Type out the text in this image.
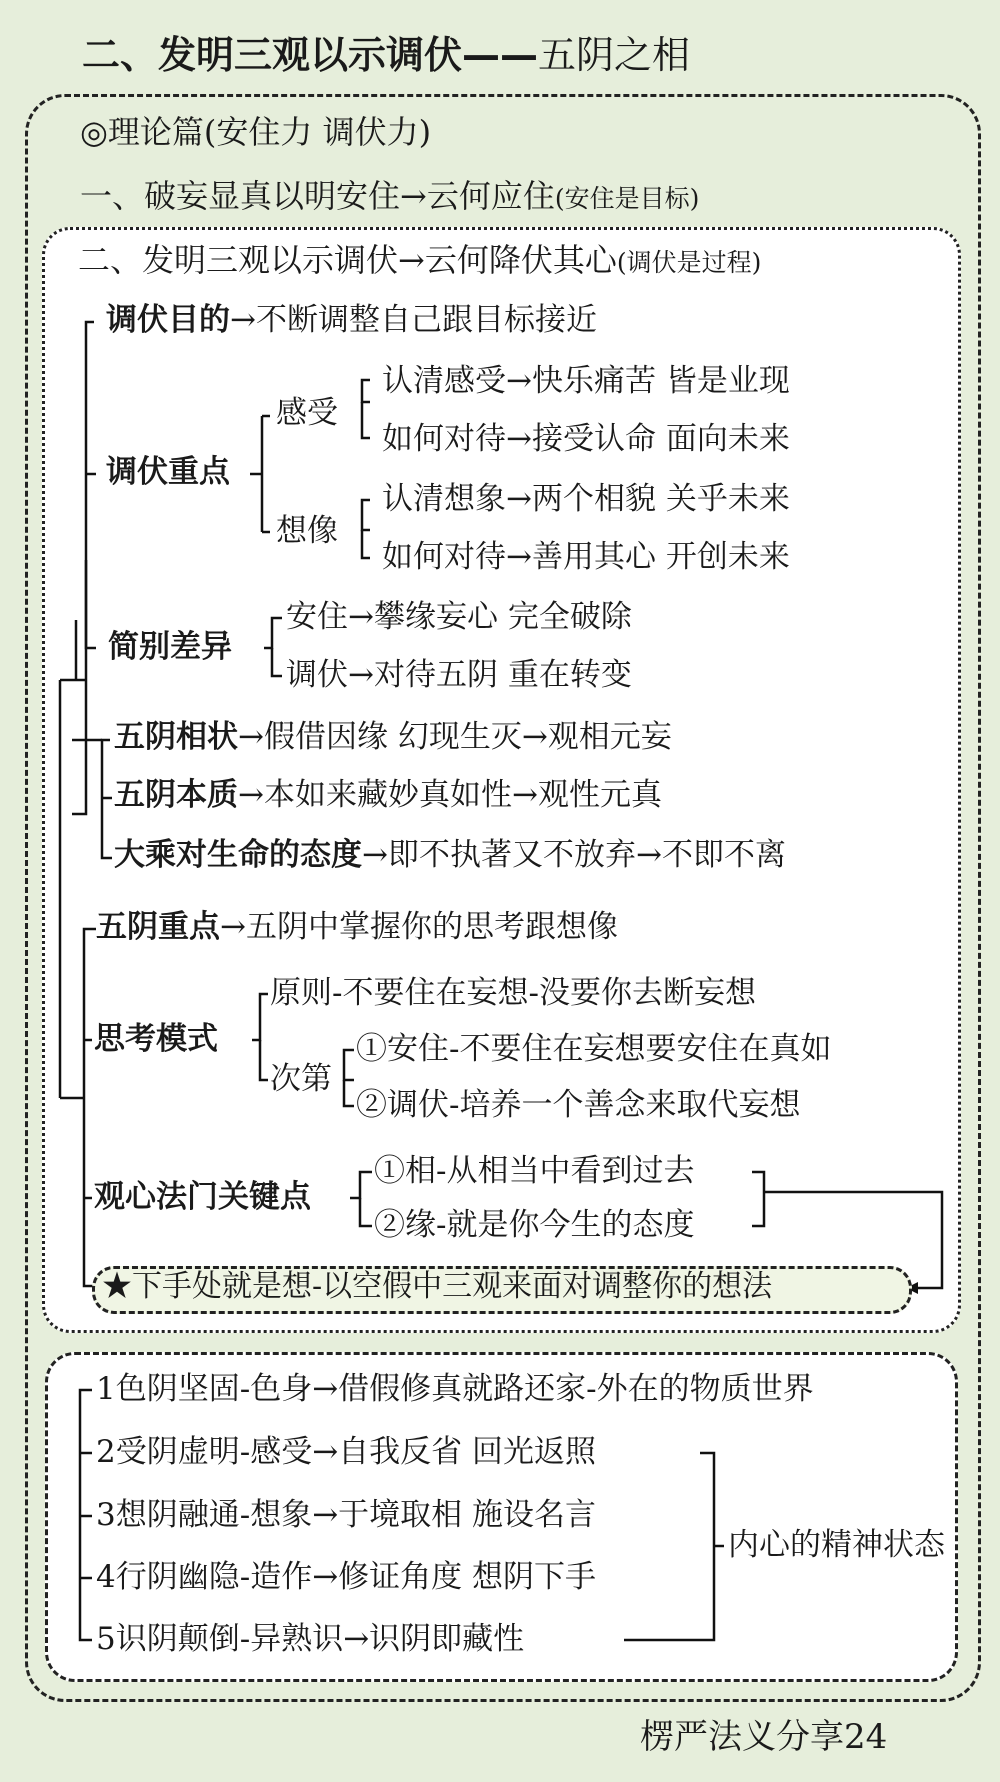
二、发明三观以示调伏——五阴之相
◎理论篇(安住力 调伏力)
一、破妄显真以明安住→云何应住(安住是目标)
二、发明三观以示调伏→云何降伏其心(调伏是过程)
调伏目的→不断调整自己跟目标接近
调伏重点
感受
认清感受→快乐痛苦 皆是业现
如何对待→接受认命 面向未来
想像
认清想象→两个相貌 关乎未来
如何对待→善用其心 开创未来
简别差异
安住→攀缘妄心 完全破除
调伏→对待五阴 重在转变
五阴相状→假借因缘 幻现生灭→观相元妄
五阴本质→本如来藏妙真如性→观性元真
大乘对生命的态度→即不执著又不放弃→不即不离
五阴重点→五阴中掌握你的思考跟想像
思考模式
原则-不要住在妄想-没要你去断妄想
次第
①安住-不要住在妄想要安住在真如
②调伏-培养一个善念来取代妄想
观心法门关键点
①相-从相当中看到过去
②缘-就是你今生的态度
★下手处就是想-以空假中三观来面对调整你的想法
1色阴坚固-色身→借假修真就路还家-外在的物质世界
2受阴虚明-感受→自我反省 回光返照
3想阴融通-想象→于境取相 施设名言
4行阴幽隐-造作→修证角度 想阴下手
5识阴颠倒-异熟识→识阴即藏性
内心的精神状态
楞严法义分享24
